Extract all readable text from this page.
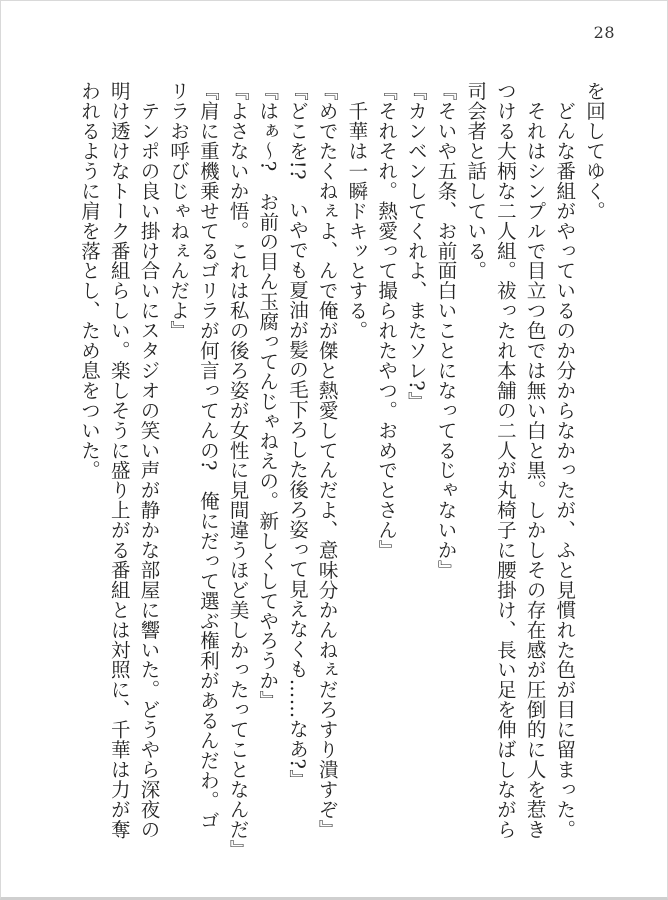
28
を回してゆく。
　どんな番組がやっているのか分からなかったが、ふと見慣れた色が目に留まった。
　それはシンプルで目立つ色では無い白と黒。しかしその存在感が圧倒的に人を惹き
つける大柄な二人組。祓ったれ本舗の二人が丸椅子に腰掛け、長い足を伸ばしながら
司会者と話している。
『そいや五条、お前面白いことになってるじゃないか』
『カンベンしてくれよ、またソレ?』
『それそれ。熱愛って撮られたやつ。おめでとさん』
　千華は一瞬ドキッとする。
『めでたくねぇよ、んで俺が傑と熱愛してんだよ、意味分かんねぇだろすり潰すぞ』
『どこを!?　いやでも夏油が髪の毛下ろした後ろ姿って見えなくも……なあ?』
『はぁ〜?　お前の目ん玉腐ってんじゃねえの。新しくしてやろうか』
『よさないか悟。これは私の後ろ姿が女性に見間違うほど美しかったってことなんだ』
『肩に重機乗せてるゴリラが何言ってんの?　俺にだって選ぶ権利があるんだわ。ゴ
リラお呼びじゃねぇんだよ』
　テンポの良い掛け合いにスタジオの笑い声が静かな部屋に響いた。どうやら深夜の
明け透けなトーク番組らしい。楽しそうに盛り上がる番組とは対照に、千華は力が奪
われるように肩を落とし、ため息をついた。
